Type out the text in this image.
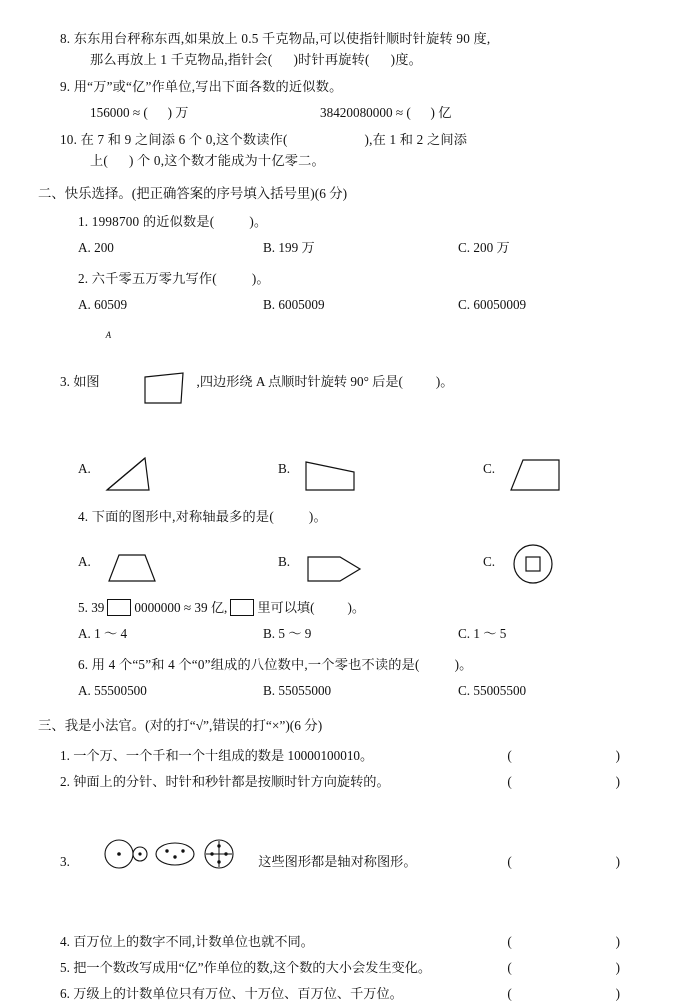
8. 东东用台秤称东西,如果放上 0.5 千克物品,可以使指针顺时针旋转 90 度,
那么再放上 1 千克物品,指针会(      )时针再旋转(      )度。
9. 用“万”或“亿”作单位,写出下面各数的近似数。
156000 ≈ (      ) 万	38420080000 ≈ (      ) 亿
10. 在 7 和 9 之间添 6 个 0,这个数读作(                      ),在 1 和 2 之间添
上(      ) 个 0,这个数才能成为十亿零二。
二、快乐选择。(把正确答案的序号填入括号里)(6 分)
1. 1998700 的近似数是(          )。
A. 200	B. 199 万	C. 200 万
2. 六千零五万零九写作(          )。
A. 60509	B. 6005009	C. 60050009
3. 如图

A

,四边形绕 A 点顺时针旋转 90° 后是(          )。
A.	B.	C.
4. 下面的图形中,对称轴最多的是(          )。
A.	B.	C.
5. 39 0000000 ≈ 39 亿, 里可以填(          )。
A. 1 ～ 4	B. 5 ～ 9	C. 1 ～ 5
6. 用 4 个“5”和 4 个“0”组成的八位数中,一个零也不读的是(          )。
A. 55500500	B. 55055000	C. 55005500
三、我是小法官。(对的打“√”,错误的打“×”)(6 分)
1. 一个万、一个千和一个十组成的数是 10000100010。	(      )
2. 钟面上的分针、时针和秒针都是按顺时针方向旋转的。	(      )
3.

	这些图形都是轴对称图形。	(      )
4. 百万位上的数字不同,计数单位也就不同。	(      )
5. 把一个数改写成用“亿”作单位的数,这个数的大小会发生变化。	(      )
6. 万级上的计数单位只有万位、十万位、百万位、千万位。	(      )
